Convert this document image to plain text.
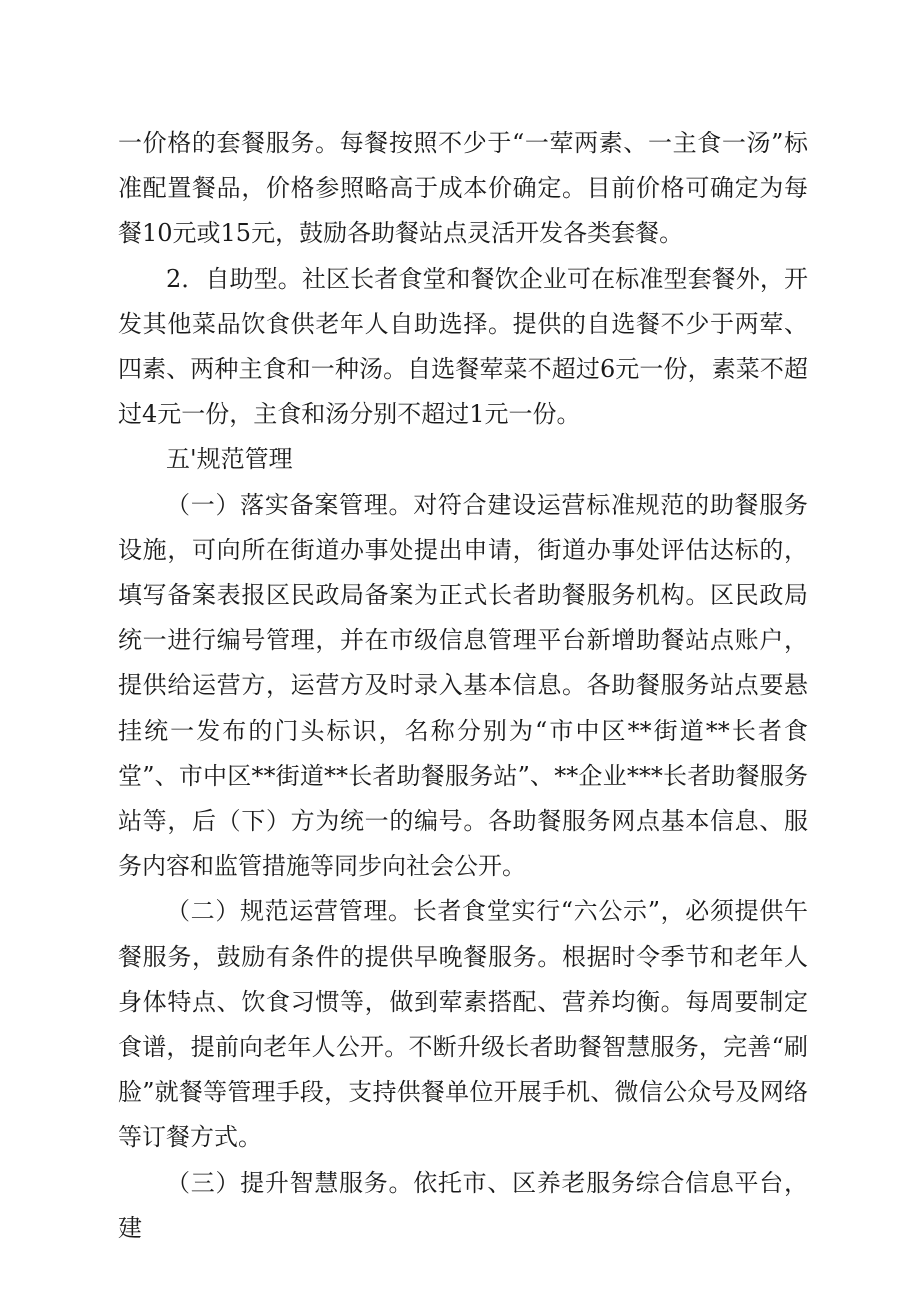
一价格的套餐服务。每餐按照不少于“一荤两素、一主食一汤”标准配置餐品，价格参照略高于成本价确定。目前价格可确定为每餐10元或15元，鼓励各助餐站点灵活开发各类套餐。

2．自助型。社区长者食堂和餐饮企业可在标准型套餐外，开发其他菜品饮食供老年人自助选择。提供的自选餐不少于两荤、四素、两种主食和一种汤。自选餐荤菜不超过6元一份，素菜不超过4元一份，主食和汤分别不超过1元一份。

五'规范管理

（一）落实备案管理。对符合建设运营标准规范的助餐服务设施，可向所在街道办事处提出申请，街道办事处评估达标的，填写备案表报区民政局备案为正式长者助餐服务机构。区民政局统一进行编号管理，并在市级信息管理平台新增助餐站点账户，提供给运营方，运营方及时录入基本信息。各助餐服务站点要悬挂统一发布的门头标识，名称分别为“市中区**街道**长者食堂”、市中区**街道**长者助餐服务站”、**企业***长者助餐服务站等，后（下）方为统一的编号。各助餐服务网点基本信息、服务内容和监管措施等同步向社会公开。

（二）规范运营管理。长者食堂实行“六公示”，必须提供午餐服务，鼓励有条件的提供早晚餐服务。根据时令季节和老年人身体特点、饮食习惯等，做到荤素搭配、营养均衡。每周要制定食谱，提前向老年人公开。不断升级长者助餐智慧服务，完善“刷脸”就餐等管理手段，支持供餐单位开展手机、微信公众号及网络等订餐方式。

（三）提升智慧服务。依托市、区养老服务综合信息平台，建
